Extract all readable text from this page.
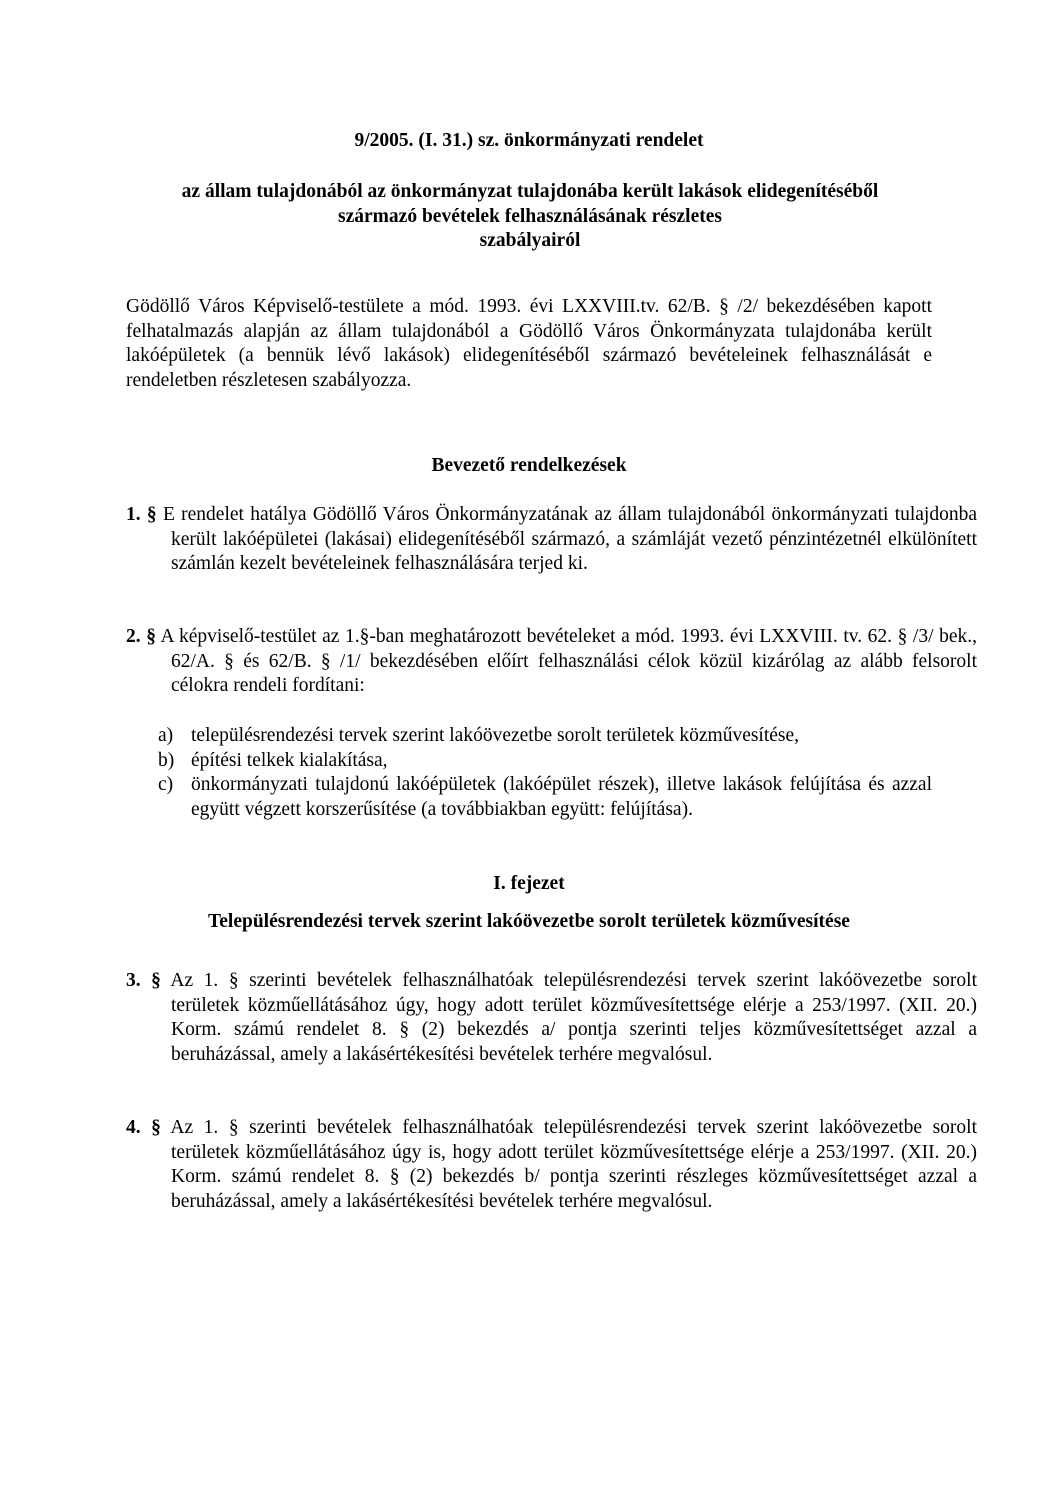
9/2005. (I. 31.) sz. önkormányzati rendelet
az állam tulajdonából az önkormányzat tulajdonába került lakások elidegenítéséből
származó bevételek felhasználásának részletes
szabályairól

Gödöllő Város Képviselő-testülete a mód. 1993. évi LXXVIII.tv. 62/B. § /2/ bekezdésében kapott felhatalmazás alapján az állam tulajdonából a Gödöllő Város Önkormányzata tulajdonába került lakóépületek (a bennük lévő lakások) elidegenítéséből származó bevételeinek felhasználását e rendeletben részletesen szabályozza.

Bevezető rendelkezések

1. § E rendelet hatálya Gödöllő Város Önkormányzatának az állam tulajdonából önkormányzati tulajdonba került lakóépületei (lakásai) elidegenítéséből származó, a számláját vezető pénzintézetnél elkülönített számlán kezelt bevételeinek felhasználására terjed ki.

2. § A képviselő-testület az 1.§-ban meghatározott bevételeket a mód. 1993. évi LXXVIII. tv. 62. § /3/ bek., 62/A. § és 62/B. § /1/ bekezdésében előírt felhasználási célok közül kizárólag az alább felsorolt célokra rendeli fordítani:

a) településrendezési tervek szerint lakóövezetbe sorolt területek közművesítése,
b) építési telkek kialakítása,
c) önkormányzati tulajdonú lakóépületek (lakóépület részek), illetve lakások felújítása és azzal együtt végzett korszerűsítése (a továbbiakban együtt: felújítása).
I. fejezet
Településrendezési tervek szerint lakóövezetbe sorolt területek közművesítése

3. § Az 1. § szerinti bevételek felhasználhatóak településrendezési tervek szerint lakóövezetbe sorolt területek közműellátásához úgy, hogy adott terület közművesítettsége elérje a 253/1997. (XII. 20.) Korm. számú rendelet 8. § (2) bekezdés a/ pontja szerinti teljes közművesítettséget azzal a beruházással, amely a lakásértékesítési bevételek terhére megvalósul.

4. § Az 1. § szerinti bevételek felhasználhatóak településrendezési tervek szerint lakóövezetbe sorolt területek közműellátásához úgy is, hogy adott terület közművesítettsége elérje a 253/1997. (XII. 20.) Korm. számú rendelet 8. § (2) bekezdés b/ pontja szerinti részleges közművesítettséget azzal a beruházással, amely a lakásértékesítési bevételek terhére megvalósul.
